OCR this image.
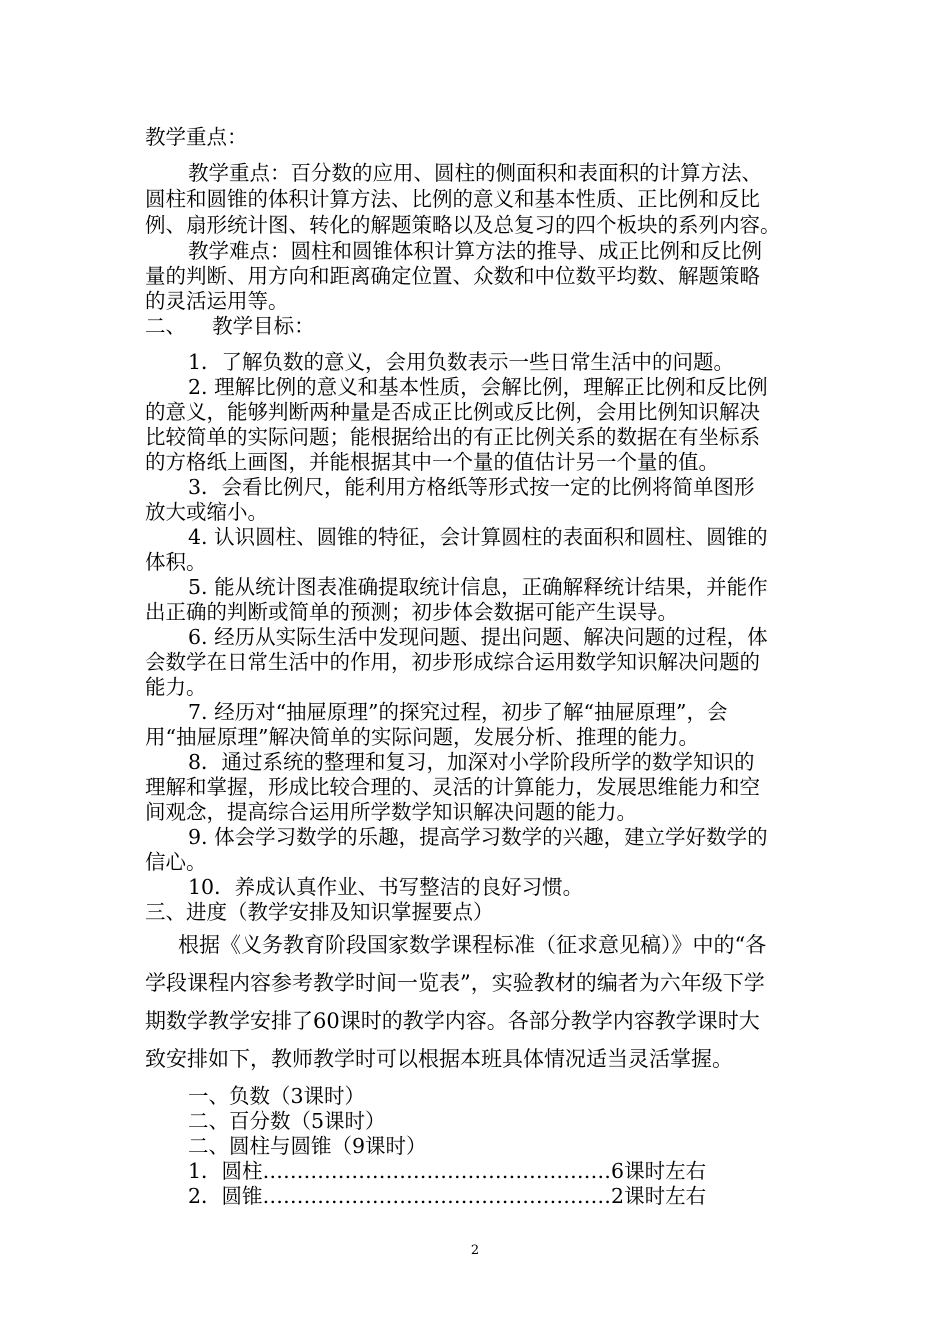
教学重点：
教学重点：百分数的应用、圆柱的侧面积和表面积的计算方法、
圆柱和圆锥的体积计算方法、比例的意义和基本性质、正比例和反比
例、扇形统计图、转化的解题策略以及总复习的四个板块的系列内容。
教学难点：圆柱和圆锥体积计算方法的推导、成正比例和反比例
量的判断、用方向和距离确定位置、众数和中位数平均数、解题策略
的灵活运用等。
二、    教学目标：
1．了解负数的意义，会用负数表示一些日常生活中的问题。
2. 理解比例的意义和基本性质，会解比例，理解正比例和反比例
的意义，能够判断两种量是否成正比例或反比例，会用比例知识解决
比较简单的实际问题；能根据给出的有正比例关系的数据在有坐标系
的方格纸上画图，并能根据其中一个量的值估计另一个量的值。
3．会看比例尺，能利用方格纸等形式按一定的比例将简单图形
放大或缩小。
4. 认识圆柱、圆锥的特征，会计算圆柱的表面积和圆柱、圆锥的
体积。
5. 能从统计图表准确提取统计信息，正确解释统计结果，并能作
出正确的判断或简单的预测；初步体会数据可能产生误导。
6. 经历从实际生活中发现问题、提出问题、解决问题的过程，体
会数学在日常生活中的作用，初步形成综合运用数学知识解决问题的
能力。
7. 经历对“抽屉原理”的探究过程，初步了解“抽屉原理”，会
用“抽屉原理”解决简单的实际问题，发展分析、推理的能力。
8．通过系统的整理和复习，加深对小学阶段所学的数学知识的
理解和掌握，形成比较合理的、灵活的计算能力，发展思维能力和空
间观念，提高综合运用所学数学知识解决问题的能力。
9. 体会学习数学的乐趣，提高学习数学的兴趣，建立学好数学的
信心。
10．养成认真作业、书写整洁的良好习惯。
三、进度（教学安排及知识掌握要点）
根据《义务教育阶段国家数学课程标准（征求意见稿）》中的“各
学段课程内容参考教学时间一览表”，实验教材的编者为六年级下学
期数学教学安排了60课时的教学内容。各部分教学内容教学课时大
致安排如下，教师教学时可以根据本班具体情况适当灵活掌握。
一、负数（3课时）
二、百分数（5课时）
二、圆柱与圆锥（9课时）
1．圆柱……………………………………………6课时左右
2．圆锥……………………………………………2课时左右
2
